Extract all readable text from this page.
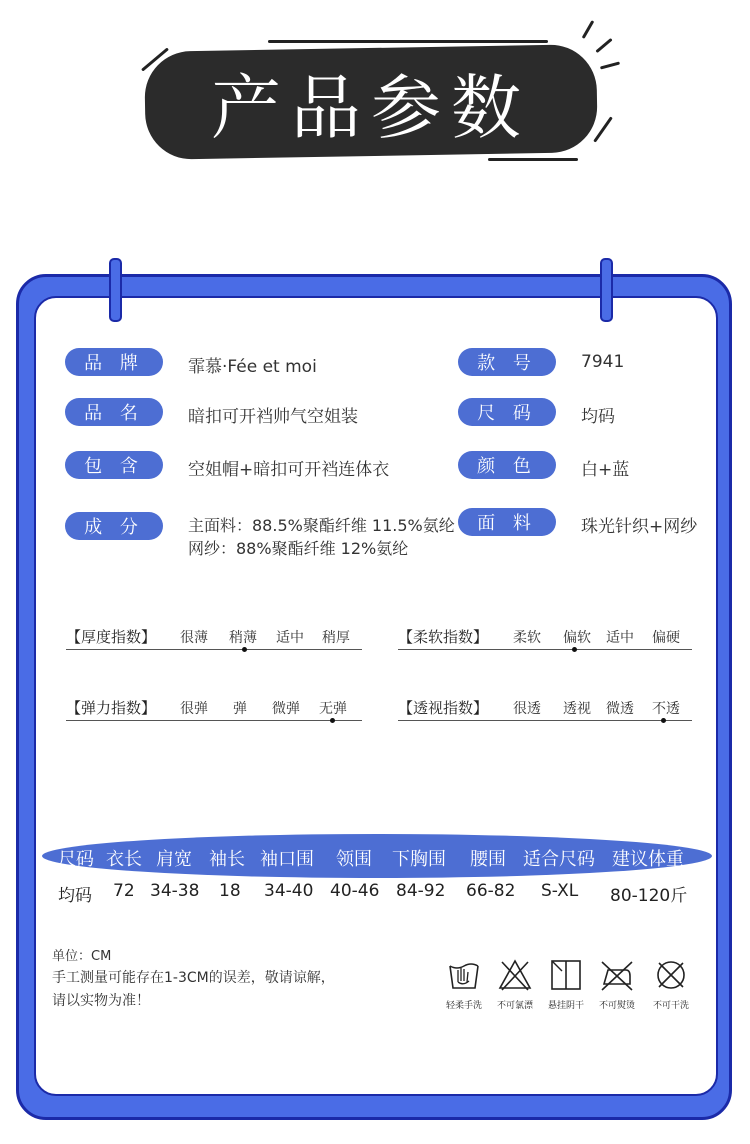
产品参数
品 牌	霏慕·Fée et moi	款 号	7941
品 名	暗扣可开裆帅气空姐装	尺 码	均码
包 含	空姐帽+暗扣可开裆连体衣	颜 色	白+蓝
成 分	主面料：88.5%聚酯纤维 11.5%氨纶
网纱：88%聚酯纤维 12%氨纶
面 料	珠光针织+网纱
【厚度指数】 很薄 稍薄 适中 稍厚	【柔软指数】 柔软 偏软 适中 偏硬
【弹力指数】 很弹 弹 微弹 无弹	【透视指数】 很透 透视 微透 不透
尺码 衣长 肩宽 袖长 袖口围 领围 下胸围 腰围 适合尺码 建议体重
均码 72 34-38 18 34-40 40-46 84-92 66-82 S-XL 80-120斤
单位：CM
手工测量可能存在1-3CM的误差，敬请谅解，
请以实物为准！	轻柔手洗	不可氯漂	悬挂阴干	不可熨烫	不可干洗
